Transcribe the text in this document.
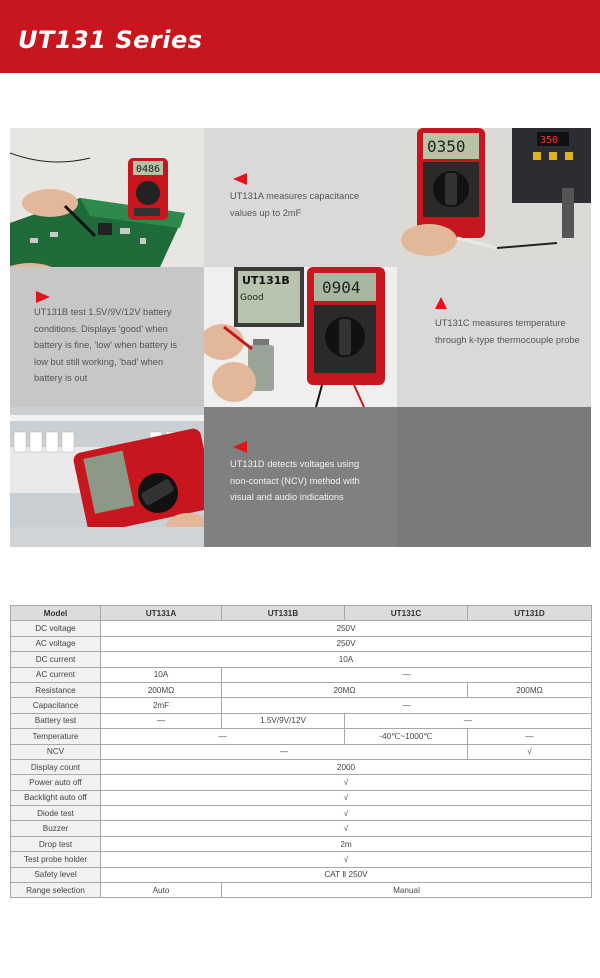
UT131 Series
0486
UT131A measures capacitance values up to 2mF
350
0350
UT131B test 1.5V/9V/12V battery conditions. Displays 'good' when battery is fine, 'low' when battery is low but still working, 'bad' when battery is out
0904
UT131B
Good
UT131C measures temperature through k-type thermocouple probe
UT131D detects voltages using non-contact (NCV) method with visual and audio indications
Model	UT131A	UT131B	UT131C	UT131D
DC voltage	250V			
AC voltage	250V			
DC current	10A			
AC current	10A	—		
Resistance	200MΩ	20MΩ		200MΩ
Capacitance	2mF	—		
Battery test	—	1.5V/9V/12V	—	
Temperature	—		-40℃~1000℃	—
NCV	—			√
Display count	2000			
Power auto off	√			
Backlight auto off	√			
Diode test	√			
Buzzer	√			
Drop test	2m			
Test probe holder	√			
Safety level	CAT Ⅱ 250V			
Range selection	Auto	Manual		
